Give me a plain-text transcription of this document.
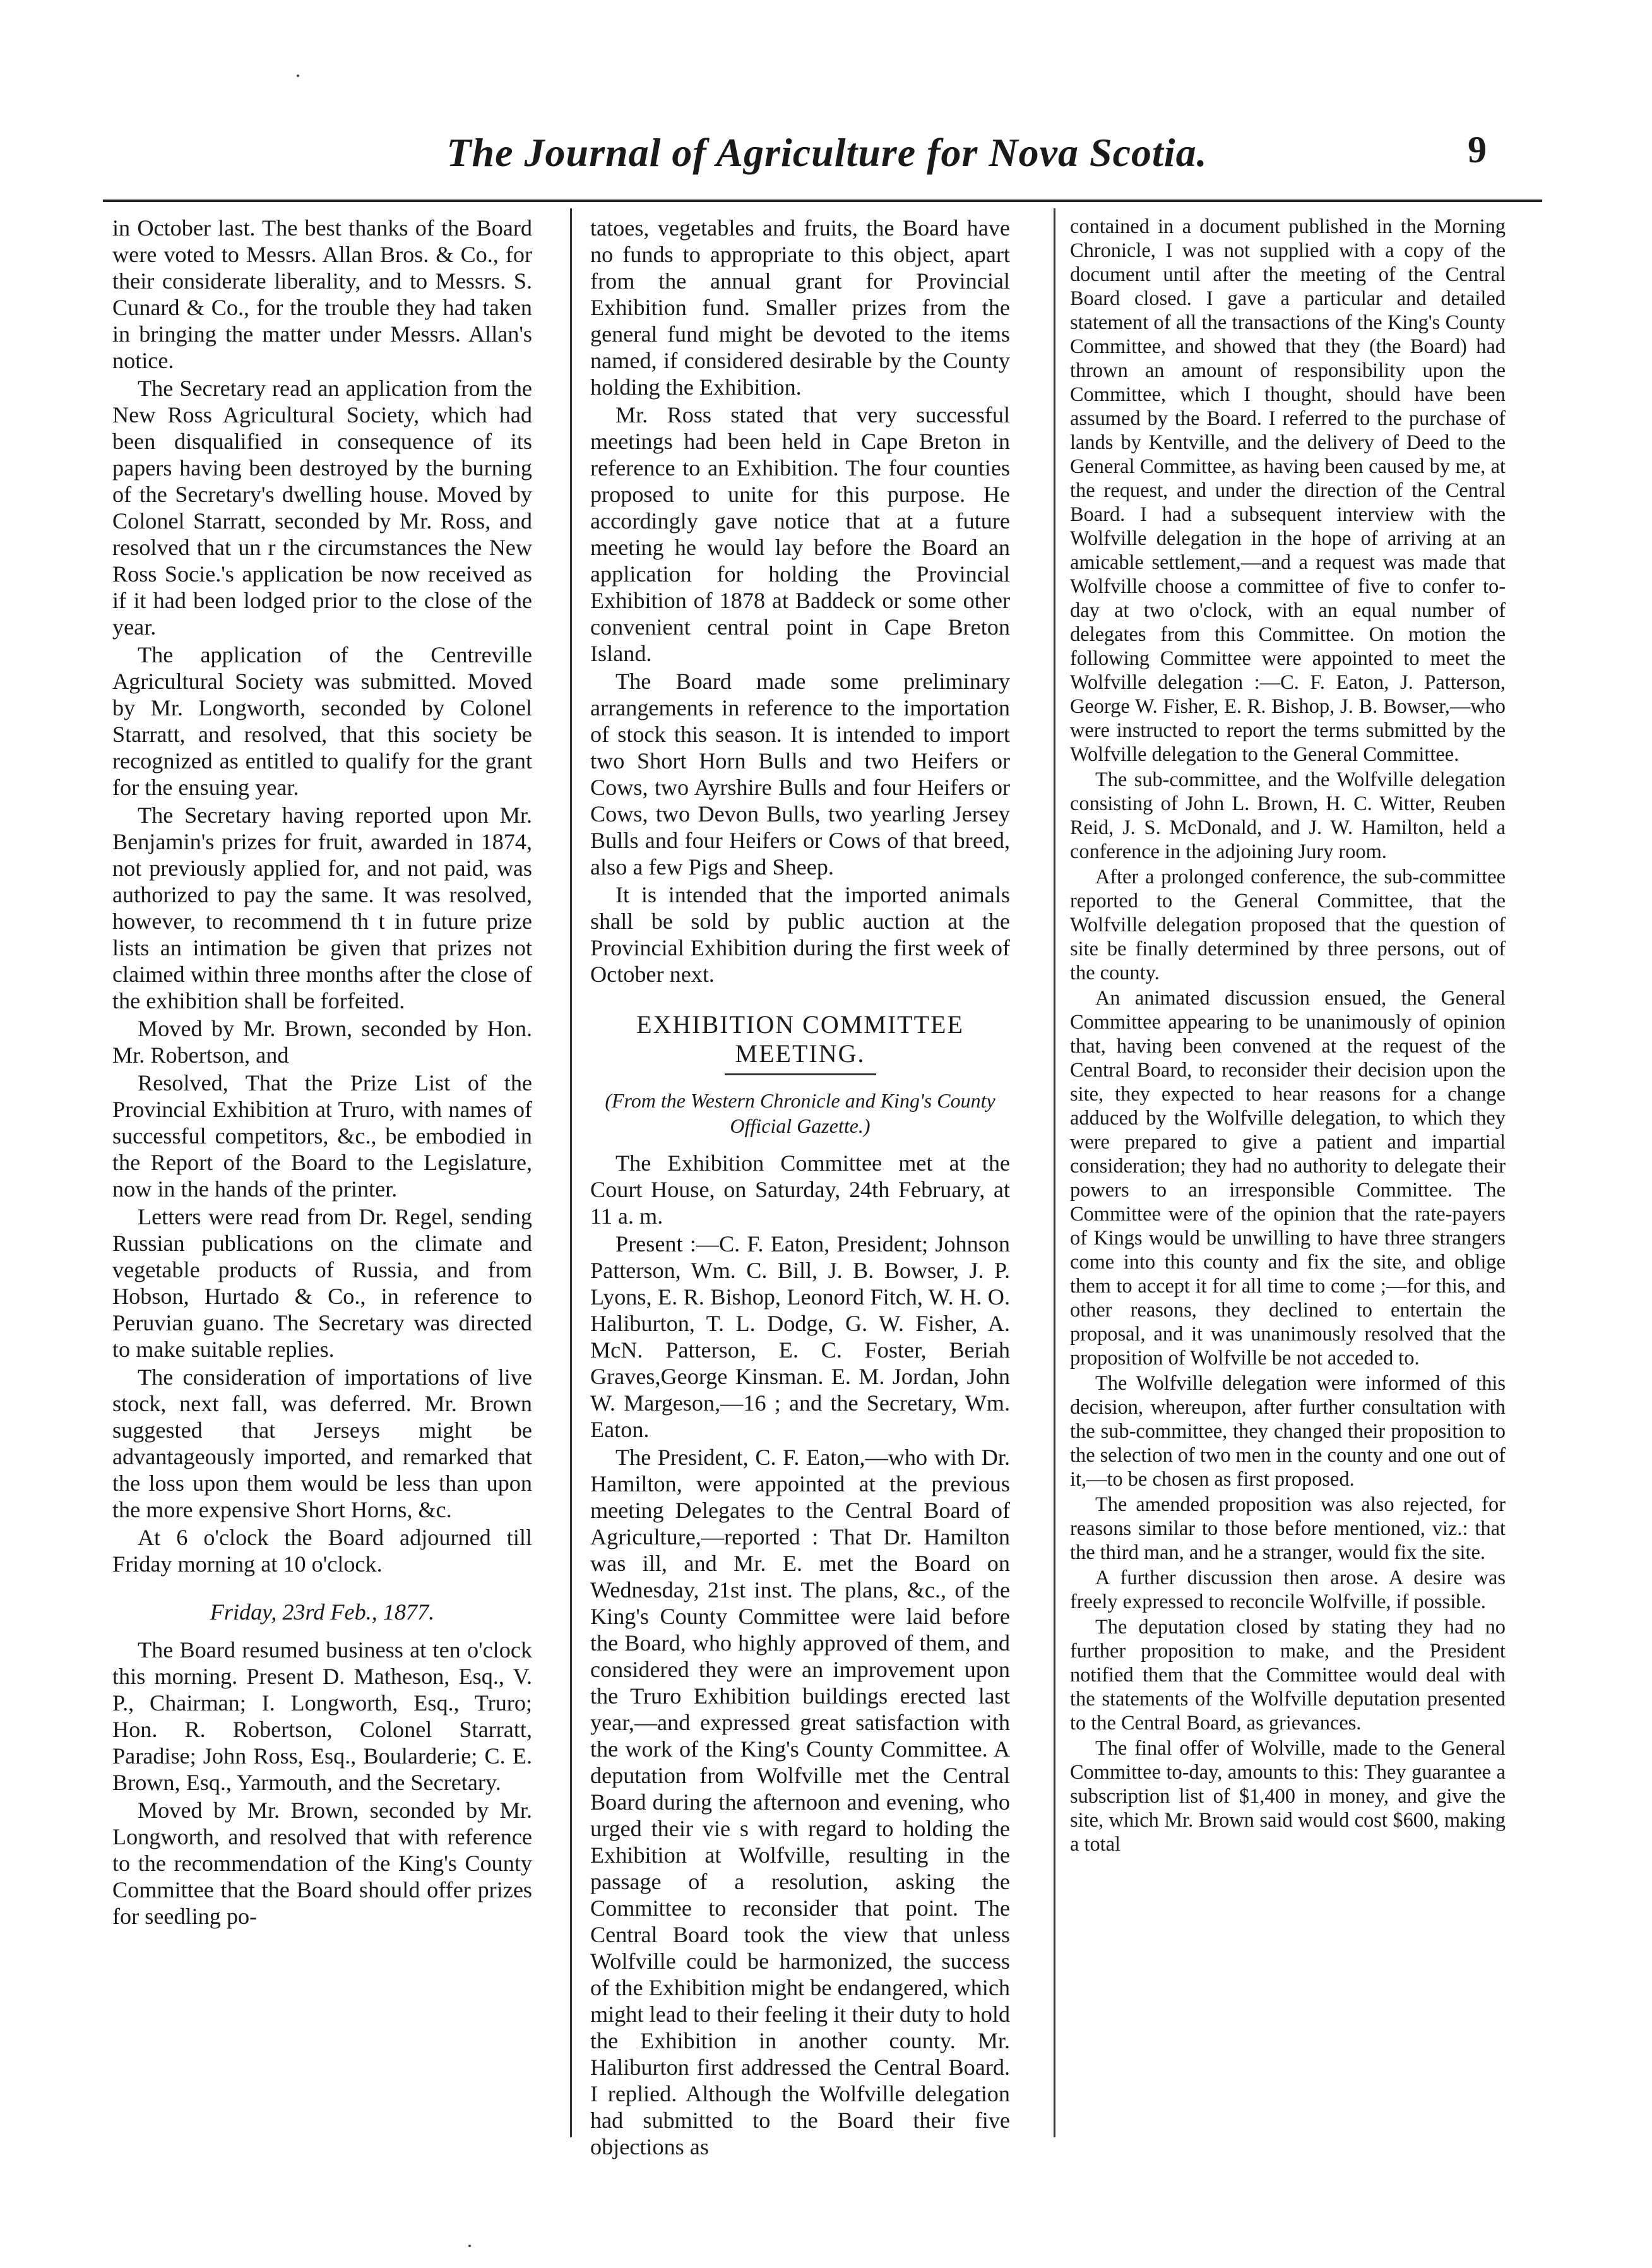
The Journal of Agriculture for Nova Scotia.	9

in October last. The best thanks of the Board were voted to Messrs. Allan Bros. & Co., for their considerate liberality, and to Messrs. S. Cunard & Co., for the trouble they had taken in bringing the matter under Messrs. Allan's notice.

The Secretary read an application from the New Ross Agricultural Society, which had been disqualified in consequence of its papers having been destroyed by the burning of the Secretary's dwelling house. Moved by Colonel Starratt, seconded by Mr. Ross, and resolved that un r the circumstances the New Ross Socie.'s application be now received as if it had been lodged prior to the close of the year.

The application of the Centreville Agricultural Society was submitted. Moved by Mr. Longworth, seconded by Colonel Starratt, and resolved, that this society be recognized as entitled to qualify for the grant for the ensuing year.

The Secretary having reported upon Mr. Benjamin's prizes for fruit, awarded in 1874, not previously applied for, and not paid, was authorized to pay the same. It was resolved, however, to recommend th t in future prize lists an intimation be given that prizes not claimed within three months after the close of the exhibition shall be forfeited.

Moved by Mr. Brown, seconded by Hon. Mr. Robertson, and

Resolved, That the Prize List of the Provincial Exhibition at Truro, with names of successful competitors, &c., be embodied in the Report of the Board to the Legislature, now in the hands of the printer.

Letters were read from Dr. Regel, sending Russian publications on the climate and vegetable products of Russia, and from Hobson, Hurtado & Co., in reference to Peruvian guano. The Secretary was directed to make suitable replies.

The consideration of importations of live stock, next fall, was deferred. Mr. Brown suggested that Jerseys might be advantageously imported, and remarked that the loss upon them would be less than upon the more expensive Short Horns, &c.

At 6 o'clock the Board adjourned till Friday morning at 10 o'clock.

Friday, 23rd Feb., 1877.

The Board resumed business at ten o'clock this morning. Present D. Matheson, Esq., V. P., Chairman; I. Longworth, Esq., Truro; Hon. R. Robertson, Colonel Starratt, Paradise; John Ross, Esq., Boularderie; C. E. Brown, Esq., Yarmouth, and the Secretary.

Moved by Mr. Brown, seconded by Mr. Longworth, and resolved that with reference to the recommendation of the King's County Committee that the Board should offer prizes for seedling po-

tatoes, vegetables and fruits, the Board have no funds to appropriate to this object, apart from the annual grant for Provincial Exhibition fund. Smaller prizes from the general fund might be devoted to the items named, if considered desirable by the County holding the Exhibition.

Mr. Ross stated that very successful meetings had been held in Cape Breton in reference to an Exhibition. The four counties proposed to unite for this purpose. He accordingly gave notice that at a future meeting he would lay before the Board an application for holding the Provincial Exhibition of 1878 at Baddeck or some other convenient central point in Cape Breton Island.

The Board made some preliminary arrangements in reference to the importation of stock this season. It is intended to import two Short Horn Bulls and two Heifers or Cows, two Ayrshire Bulls and four Heifers or Cows, two Devon Bulls, two yearling Jersey Bulls and four Heifers or Cows of that breed, also a few Pigs and Sheep.

It is intended that the imported animals shall be sold by public auction at the Provincial Exhibition during the first week of October next.

EXHIBITION COMMITTEE MEETING.

(From the Western Chronicle and King's County Official Gazette.)

The Exhibition Committee met at the Court House, on Saturday, 24th February, at 11 a. m.

Present :—C. F. Eaton, President; Johnson Patterson, Wm. C. Bill, J. B. Bowser, J. P. Lyons, E. R. Bishop, Leonord Fitch, W. H. O. Haliburton, T. L. Dodge, G. W. Fisher, A. McN. Patterson, E. C. Foster, Beriah Graves,George Kinsman. E. M. Jordan, John W. Margeson,—16 ; and the Secretary, Wm. Eaton.

The President, C. F. Eaton,—who with Dr. Hamilton, were appointed at the previous meeting Delegates to the Central Board of Agriculture,—reported : That Dr. Hamilton was ill, and Mr. E. met the Board on Wednesday, 21st inst. The plans, &c., of the King's County Committee were laid before the Board, who highly approved of them, and considered they were an improvement upon the Truro Exhibition buildings erected last year,—and expressed great satisfaction with the work of the King's County Committee. A deputation from Wolfville met the Central Board during the afternoon and evening, who urged their vie s with regard to holding the Exhibition at Wolfville, resulting in the passage of a resolution, asking the Committee to reconsider that point. The Central Board took the view that unless Wolfville could be harmonized, the success of the Exhibition might be endangered, which might lead to their feeling it their duty to hold the Exhibition in another county. Mr. Haliburton first addressed the Central Board. I replied. Although the Wolfville delegation had submitted to the Board their five objections as

contained in a document published in the Morning Chronicle, I was not supplied with a copy of the document until after the meeting of the Central Board closed. I gave a particular and detailed statement of all the transactions of the King's County Committee, and showed that they (the Board) had thrown an amount of responsibility upon the Committee, which I thought, should have been assumed by the Board. I referred to the purchase of lands by Kentville, and the delivery of Deed to the General Committee, as having been caused by me, at the request, and under the direction of the Central Board. I had a subsequent interview with the Wolfville delegation in the hope of arriving at an amicable settlement,—and a request was made that Wolfville choose a committee of five to confer to-day at two o'clock, with an equal number of delegates from this Committee. On motion the following Committee were appointed to meet the Wolfville delegation :—C. F. Eaton, J. Patterson, George W. Fisher, E. R. Bishop, J. B. Bowser,—who were instructed to report the terms submitted by the Wolfville delegation to the General Committee.

The sub-committee, and the Wolfville delegation consisting of John L. Brown, H. C. Witter, Reuben Reid, J. S. McDonald, and J. W. Hamilton, held a conference in the adjoining Jury room.

After a prolonged conference, the sub-committee reported to the General Committee, that the Wolfville delegation proposed that the question of site be finally determined by three persons, out of the county.

An animated discussion ensued, the General Committee appearing to be unanimously of opinion that, having been convened at the request of the Central Board, to reconsider their decision upon the site, they expected to hear reasons for a change adduced by the Wolfville delegation, to which they were prepared to give a patient and impartial consideration; they had no authority to delegate their powers to an irresponsible Committee. The Committee were of the opinion that the rate-payers of Kings would be unwilling to have three strangers come into this county and fix the site, and oblige them to accept it for all time to come ;—for this, and other reasons, they declined to entertain the proposal, and it was unanimously resolved that the proposition of Wolfville be not acceded to.

The Wolfville delegation were informed of this decision, whereupon, after further consultation with the sub-committee, they changed their proposition to the selection of two men in the county and one out of it,—to be chosen as first proposed.

The amended proposition was also rejected, for reasons similar to those before mentioned, viz.: that the third man, and he a stranger, would fix the site.

A further discussion then arose. A desire was freely expressed to reconcile Wolfville, if possible.

The deputation closed by stating they had no further proposition to make, and the President notified them that the Committee would deal with the statements of the Wolfville deputation presented to the Central Board, as grievances.

The final offer of Wolville, made to the General Committee to-day, amounts to this: They guarantee a subscription list of $1,400 in money, and give the site, which Mr. Brown said would cost $600, making a total
